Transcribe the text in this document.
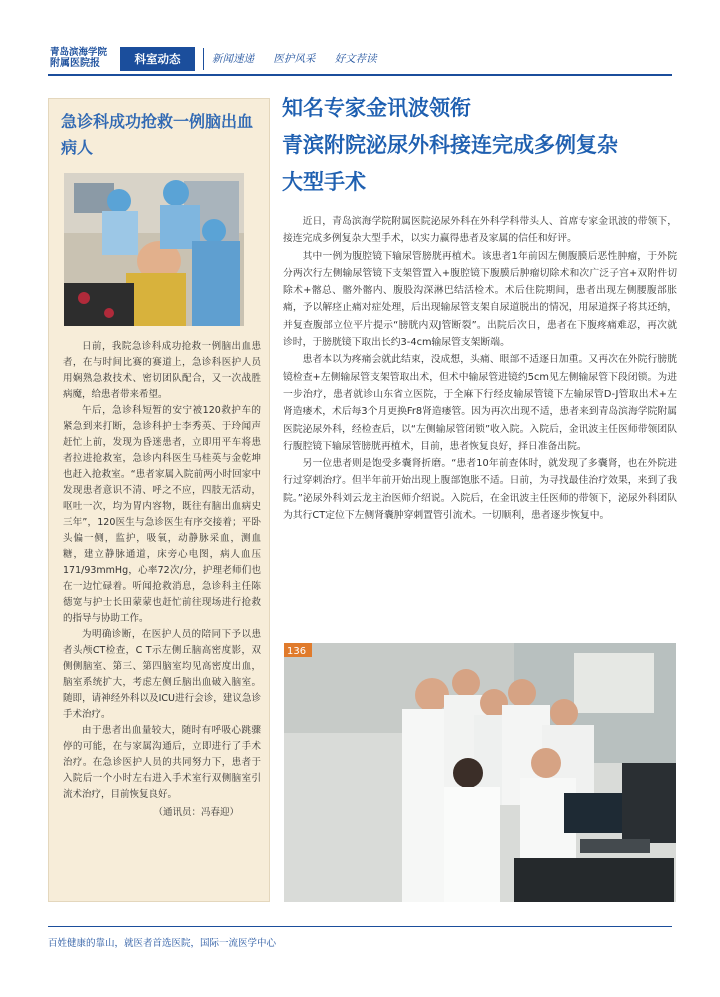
青岛滨海学院
附属医院报	科室动态	新闻速递 医护风采 好文荐读
急诊科成功抢救一例脑出血病人

日前，我院急诊科成功抢救一例脑出血患者，在与时间比赛的赛道上，急诊科医护人员用娴熟急救技术、密切团队配合，又一次战胜病魔，给患者带来希望。

午后，急诊科短暂的安宁被120救护车的紧急到来打断，急诊科护士李秀英、于玲闻声赶忙上前，发现为昏迷患者，立即用平车将患者拉进抢救室，急诊内科医生马桂英与金乾坤也赶入抢救室。“患者家属入院前两小时回家中发现患者意识不清、呼之不应，四肢无活动，呕吐一次，均为胃内容物，既往有脑出血病史三年”，120医生与急诊医生有序交接着；平卧头偏一侧，监护，吸氧，动静脉采血，测血糖，建立静脉通道，床旁心电图，病人血压171/93mmHg，心率72次/分，护理老师们也在一边忙碌着。听闻抢救消息，急诊科主任陈德宽与护士长田蒙蒙也赶忙前往现场进行抢救的指导与协助工作。

为明确诊断，在医护人员的陪同下予以患者头颅CT检查，C T示左侧丘脑高密度影，双侧侧脑室、第三、第四脑室均见高密度出血，脑室系统扩大，考虑左侧丘脑出血破入脑室。随即，请神经外科以及ICU进行会诊，建议急诊手术治疗。

由于患者出血量较大，随时有呼吸心跳骤停的可能，在与家属沟通后，立即进行了手术治疗。在急诊医护人员的共同努力下，患者于入院后一个小时左右进入手术室行双侧脑室引流术治疗，目前恢复良好。

（通讯员：冯春迎）

知名专家金讯波领衔
青滨附院泌尿外科接连完成多例复杂
大型手术

近日，青岛滨海学院附属医院泌尿外科在外科学科带头人、首席专家金讯波的带领下，接连完成多例复杂大型手术，以实力赢得患者及家属的信任和好评。

其中一例为腹腔镜下输尿管膀胱再植术。该患者1年前因左侧腹膜后恶性肿瘤，于外院分两次行左侧输尿管镜下支架管置入+腹腔镜下腹膜后肿瘤切除术和次广泛子宫+双附件切除术+髂总、髂外髂内、腹股沟深淋巴结活检术。术后住院期间，患者出现左侧腰腹部胀痛，予以解痉止痛对症处理，后出现输尿管支架自尿道脱出的情况，用尿道探子将其还纳，并复查腹部立位平片提示“膀胱内双J管断裂”。出院后次日，患者在下腹疼痛难忍，再次就诊时，于膀胱镜下取出长约3-4cm输尿管支架断端。

患者本以为疼痛会就此结束，没成想，头痛、眼部不适逐日加重。又再次在外院行膀胱镜检查+左侧输尿管支架管取出术，但术中输尿管进镜约5cm见左侧输尿管下段闭锁。为进一步治疗，患者就诊山东省立医院，于全麻下行经皮输尿管镜下左输尿管D-J管取出术+左肾造瘘术，术后每3个月更换Fr8肾造瘘管。因为再次出现不适，患者来到青岛滨海学院附属医院泌尿外科，经检查后，以“左侧输尿管闭锁”收入院。入院后，金讯波主任医师带领团队行腹腔镜下输尿管膀胱再植术，目前，患者恢复良好，择日准备出院。

另一位患者则是饱受多囊肾折磨。“患者10年前查体时，就发现了多囊肾，也在外院进行过穿刺治疗。但半年前开始出现上腹部饱胀不适。日前，为寻找最佳治疗效果，来到了我院。”泌尿外科刘云龙主治医师介绍说。入院后，在金讯波主任医师的带领下，泌尿外科团队为其行CT定位下左侧肾囊肿穿刺置管引流术。一切顺利，患者逐步恢复中。

136
百姓健康的靠山，就医者首选医院，国际一流医学中心
